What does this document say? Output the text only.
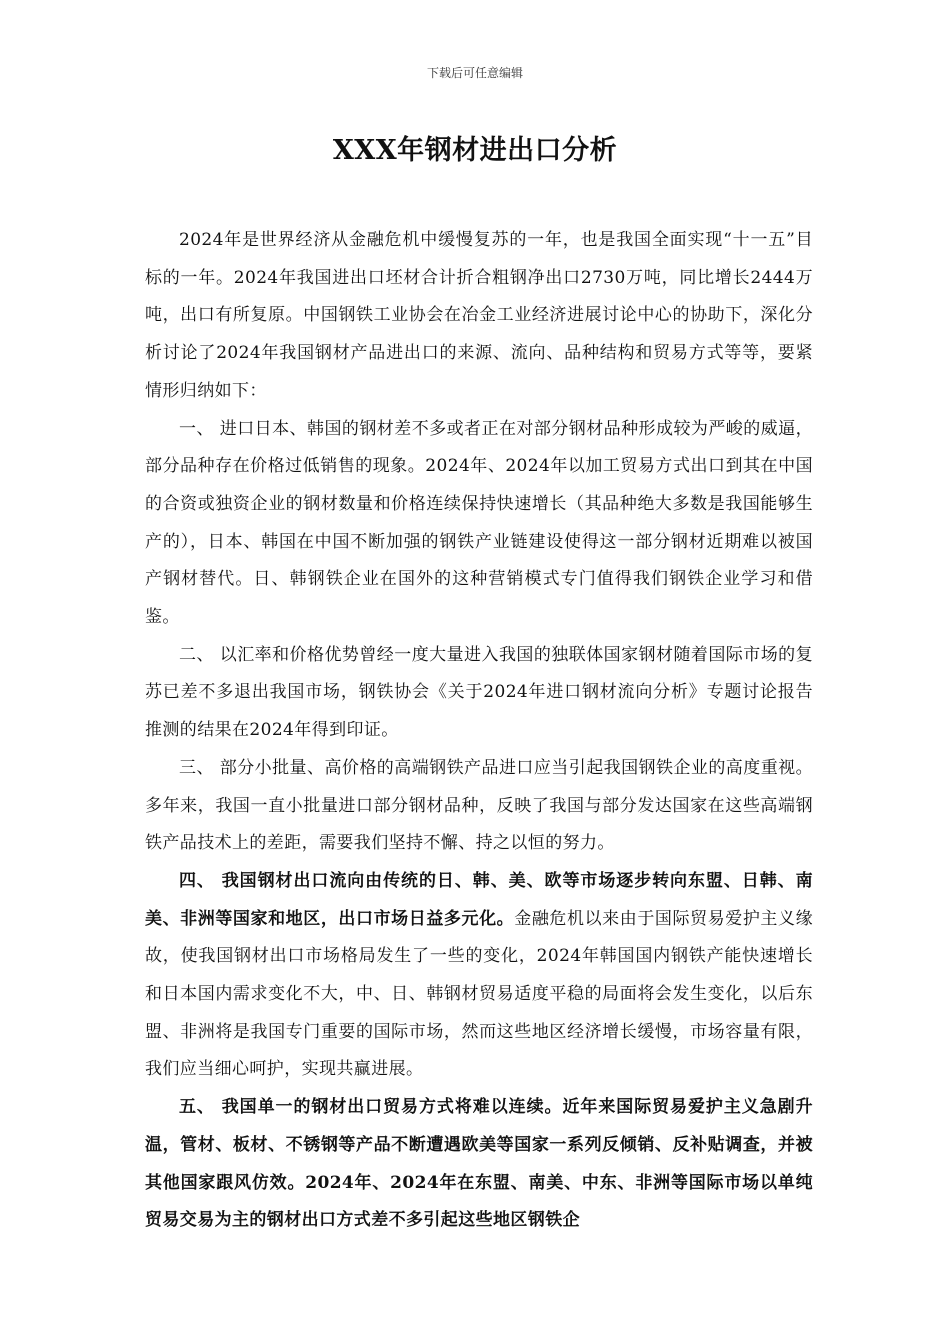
下载后可任意编辑
XXX年钢材进出口分析

2024年是世界经济从金融危机中缓慢复苏的一年，也是我国全面实现“十一五”目标的一年。2024年我国进出口坯材合计折合粗钢净出口2730万吨，同比增长2444万吨，出口有所复原。中国钢铁工业协会在冶金工业经济进展讨论中心的协助下，深化分析讨论了2024年我国钢材产品进出口的来源、流向、品种结构和贸易方式等等，要紧情形归纳如下：

一、 进口日本、韩国的钢材差不多或者正在对部分钢材品种形成较为严峻的威逼，部分品种存在价格过低销售的现象。2024年、2024年以加工贸易方式出口到其在中国的合资或独资企业的钢材数量和价格连续保持快速增长（其品种绝大多数是我国能够生产的），日本、韩国在中国不断加强的钢铁产业链建设使得这一部分钢材近期难以被国产钢材替代。日、韩钢铁企业在国外的这种营销模式专门值得我们钢铁企业学习和借鉴。

二、 以汇率和价格优势曾经一度大量进入我国的独联体国家钢材随着国际市场的复苏已差不多退出我国市场，钢铁协会《关于2024年进口钢材流向分析》专题讨论报告推测的结果在2024年得到印证。

三、 部分小批量、高价格的高端钢铁产品进口应当引起我国钢铁企业的高度重视。多年来，我国一直小批量进口部分钢材品种，反映了我国与部分发达国家在这些高端钢铁产品技术上的差距，需要我们坚持不懈、持之以恒的努力。

四、 我国钢材出口流向由传统的日、韩、美、欧等市场逐步转向东盟、日韩、南美、非洲等国家和地区，出口市场日益多元化。金融危机以来由于国际贸易爱护主义缘故，使我国钢材出口市场格局发生了一些的变化，2024年韩国国内钢铁产能快速增长和日本国内需求变化不大，中、日、韩钢材贸易适度平稳的局面将会发生变化，以后东盟、非洲将是我国专门重要的国际市场，然而这些地区经济增长缓慢，市场容量有限，我们应当细心呵护，实现共赢进展。

五、 我国单一的钢材出口贸易方式将难以连续。近年来国际贸易爱护主义急剧升温，管材、板材、不锈钢等产品不断遭遇欧美等国家一系列反倾销、反补贴调查，并被其他国家跟风仿效。2024年、2024年在东盟、南美、中东、非洲等国际市场以单纯贸易交易为主的钢材出口方式差不多引起这些地区钢铁企
